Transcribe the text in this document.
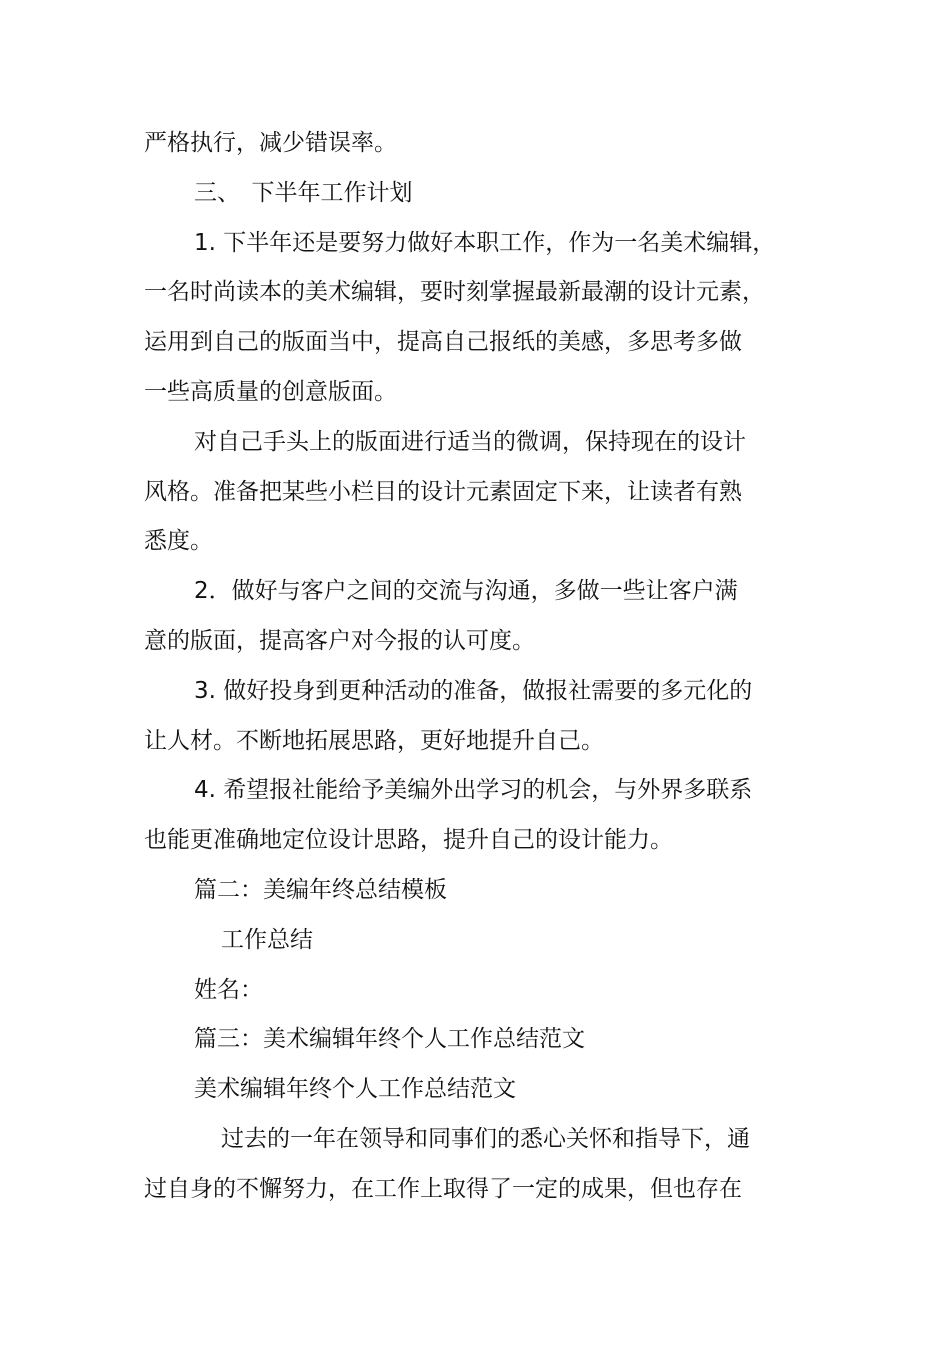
严格执行，减少错误率。
三、　下半年工作计划
1. 下半年还是要努力做好本职工作，作为一名美术编辑，
一名时尚读本的美术编辑，要时刻掌握最新最潮的设计元素，
运用到自己的版面当中，提高自己报纸的美感，多思考多做
一些高质量的创意版面。
对自己手头上的版面进行适当的微调，保持现在的设计
风格。准备把某些小栏目的设计元素固定下来，让读者有熟
悉度。
2．做好与客户之间的交流与沟通，多做一些让客户满
意的版面，提高客户对今报的认可度。
3. 做好投身到更种活动的准备，做报社需要的多元化的
让人材。不断地拓展思路，更好地提升自己。
4. 希望报社能给予美编外出学习的机会，与外界多联系
也能更准确地定位设计思路，提升自己的设计能力。
篇二：美编年终总结模板
工作总结
姓名：
篇三：美术编辑年终个人工作总结范文
美术编辑年终个人工作总结范文
过去的一年在领导和同事们的悉心关怀和指导下，通
过自身的不懈努力，在工作上取得了一定的成果，但也存在
